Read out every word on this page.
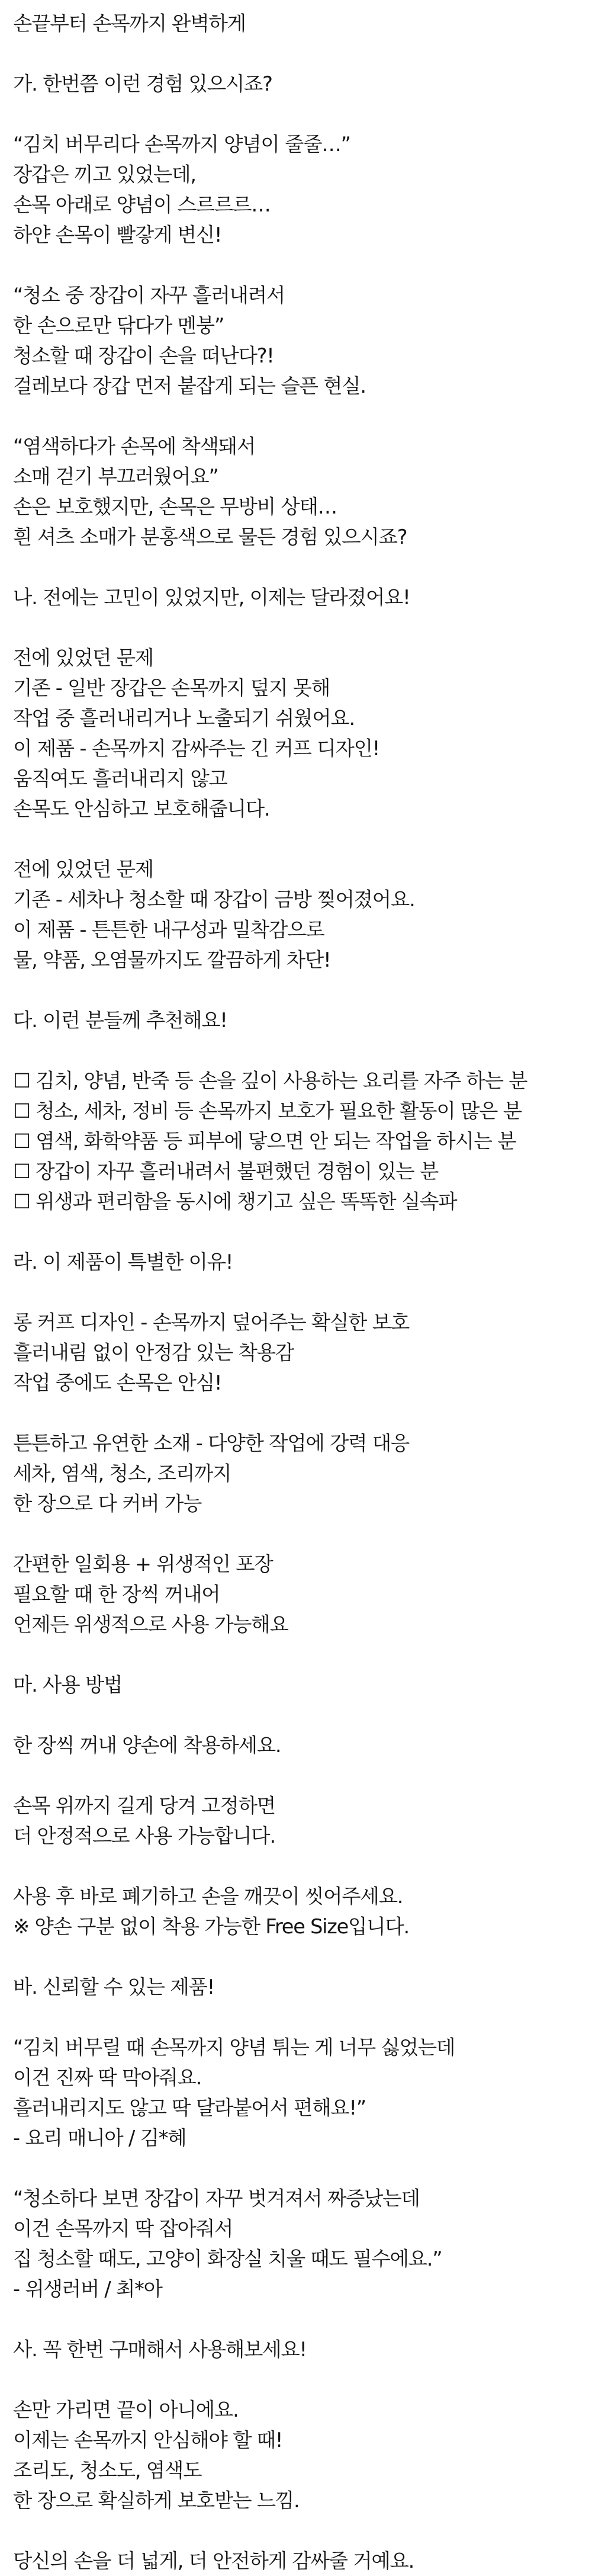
손끝부터 손목까지 완벽하게
가. 한번쯤 이런 경험 있으시죠?
“김치 버무리다 손목까지 양념이 줄줄…”
장갑은 끼고 있었는데,
손목 아래로 양념이 스르르르…
하얀 손목이 빨갛게 변신!
“청소 중 장갑이 자꾸 흘러내려서
한 손으로만 닦다가 멘붕”
청소할 때 장갑이 손을 떠난다?!
걸레보다 장갑 먼저 붙잡게 되는 슬픈 현실.
“염색하다가 손목에 착색돼서
소매 걷기 부끄러웠어요”
손은 보호했지만, 손목은 무방비 상태…
흰 셔츠 소매가 분홍색으로 물든 경험 있으시죠?
나. 전에는 고민이 있었지만, 이제는 달라졌어요!
전에 있었던 문제
기존 - 일반 장갑은 손목까지 덮지 못해
작업 중 흘러내리거나 노출되기 쉬웠어요.
이 제품 - 손목까지 감싸주는 긴 커프 디자인!
움직여도 흘러내리지 않고
손목도 안심하고 보호해줍니다.
전에 있었던 문제
기존 - 세차나 청소할 때 장갑이 금방 찢어졌어요.
이 제품 - 튼튼한 내구성과 밀착감으로
물, 약품, 오염물까지도 깔끔하게 차단!
다. 이런 분들께 추천해요!
☐ 김치, 양념, 반죽 등 손을 깊이 사용하는 요리를 자주 하는 분
☐ 청소, 세차, 정비 등 손목까지 보호가 필요한 활동이 많은 분
☐ 염색, 화학약품 등 피부에 닿으면 안 되는 작업을 하시는 분
☐ 장갑이 자꾸 흘러내려서 불편했던 경험이 있는 분
☐ 위생과 편리함을 동시에 챙기고 싶은 똑똑한 실속파
라. 이 제품이 특별한 이유!
롱 커프 디자인 - 손목까지 덮어주는 확실한 보호
흘러내림 없이 안정감 있는 착용감
작업 중에도 손목은 안심!
튼튼하고 유연한 소재 - 다양한 작업에 강력 대응
세차, 염색, 청소, 조리까지
한 장으로 다 커버 가능
간편한 일회용 + 위생적인 포장
필요할 때 한 장씩 꺼내어
언제든 위생적으로 사용 가능해요
마. 사용 방법
한 장씩 꺼내 양손에 착용하세요.
손목 위까지 길게 당겨 고정하면
더 안정적으로 사용 가능합니다.
사용 후 바로 폐기하고 손을 깨끗이 씻어주세요.
※ 양손 구분 없이 착용 가능한 Free Size입니다.
바. 신뢰할 수 있는 제품!
“김치 버무릴 때 손목까지 양념 튀는 게 너무 싫었는데
이건 진짜 딱 막아줘요.
흘러내리지도 않고 딱 달라붙어서 편해요!”
- 요리 매니아 / 김*혜
“청소하다 보면 장갑이 자꾸 벗겨져서 짜증났는데
이건 손목까지 딱 잡아줘서
집 청소할 때도, 고양이 화장실 치울 때도 필수에요.”
- 위생러버 / 최*아
사. 꼭 한번 구매해서 사용해보세요!
손만 가리면 끝이 아니에요.
이제는 손목까지 안심해야 할 때!
조리도, 청소도, 염색도
한 장으로 확실하게 보호받는 느낌.
당신의 손을 더 넓게, 더 안전하게 감싸줄 거예요.
